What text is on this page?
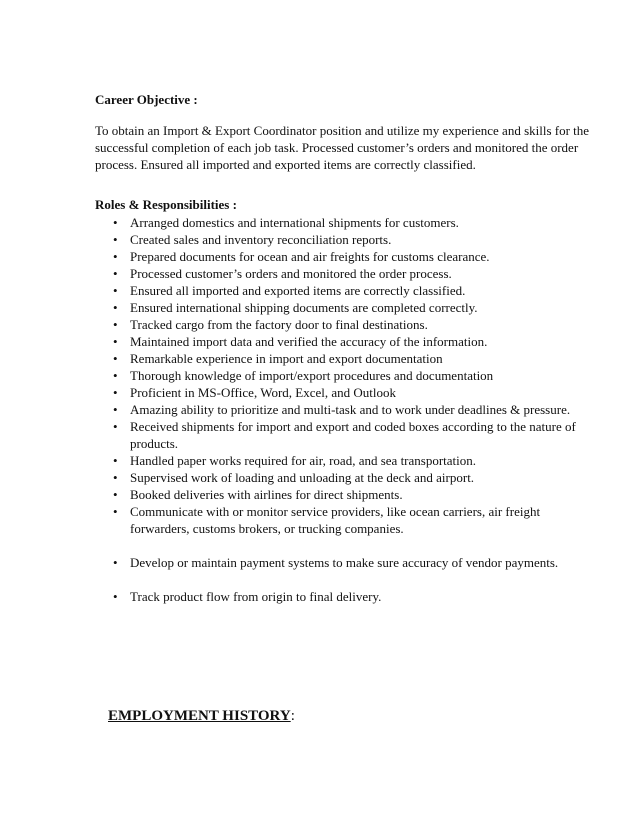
Career Objective :
To obtain an Import & Export Coordinator position and utilize my experience and skills for the successful completion of each job task. Processed customer’s orders and monitored the order process. Ensured all imported and exported items are correctly classified.
Roles & Responsibilities :
• Arranged domestics and international shipments for customers.
• Created sales and inventory reconciliation reports.
• Prepared documents for ocean and air freights for customs clearance.
• Processed customer’s orders and monitored the order process.
• Ensured all imported and exported items are correctly classified.
• Ensured international shipping documents are completed correctly.
• Tracked cargo from the factory door to final destinations.
• Maintained import data and verified the accuracy of the information.
• Remarkable experience in import and export documentation
• Thorough knowledge of import/export procedures and documentation
• Proficient in MS-Office, Word, Excel, and Outlook
• Amazing ability to prioritize and multi-task and to work under deadlines & pressure.
• Received shipments for import and export and coded boxes according to the nature of products.
• Handled paper works required for air, road, and sea transportation.
• Supervised work of loading and unloading at the deck and airport.
• Booked deliveries with airlines for direct shipments.
• Communicate with or monitor service providers, like ocean carriers, air freight forwarders, customs brokers, or trucking companies.
• Develop or maintain payment systems to make sure accuracy of vendor payments.
• Track product flow from origin to final delivery.
EMPLOYMENT HISTORY:
